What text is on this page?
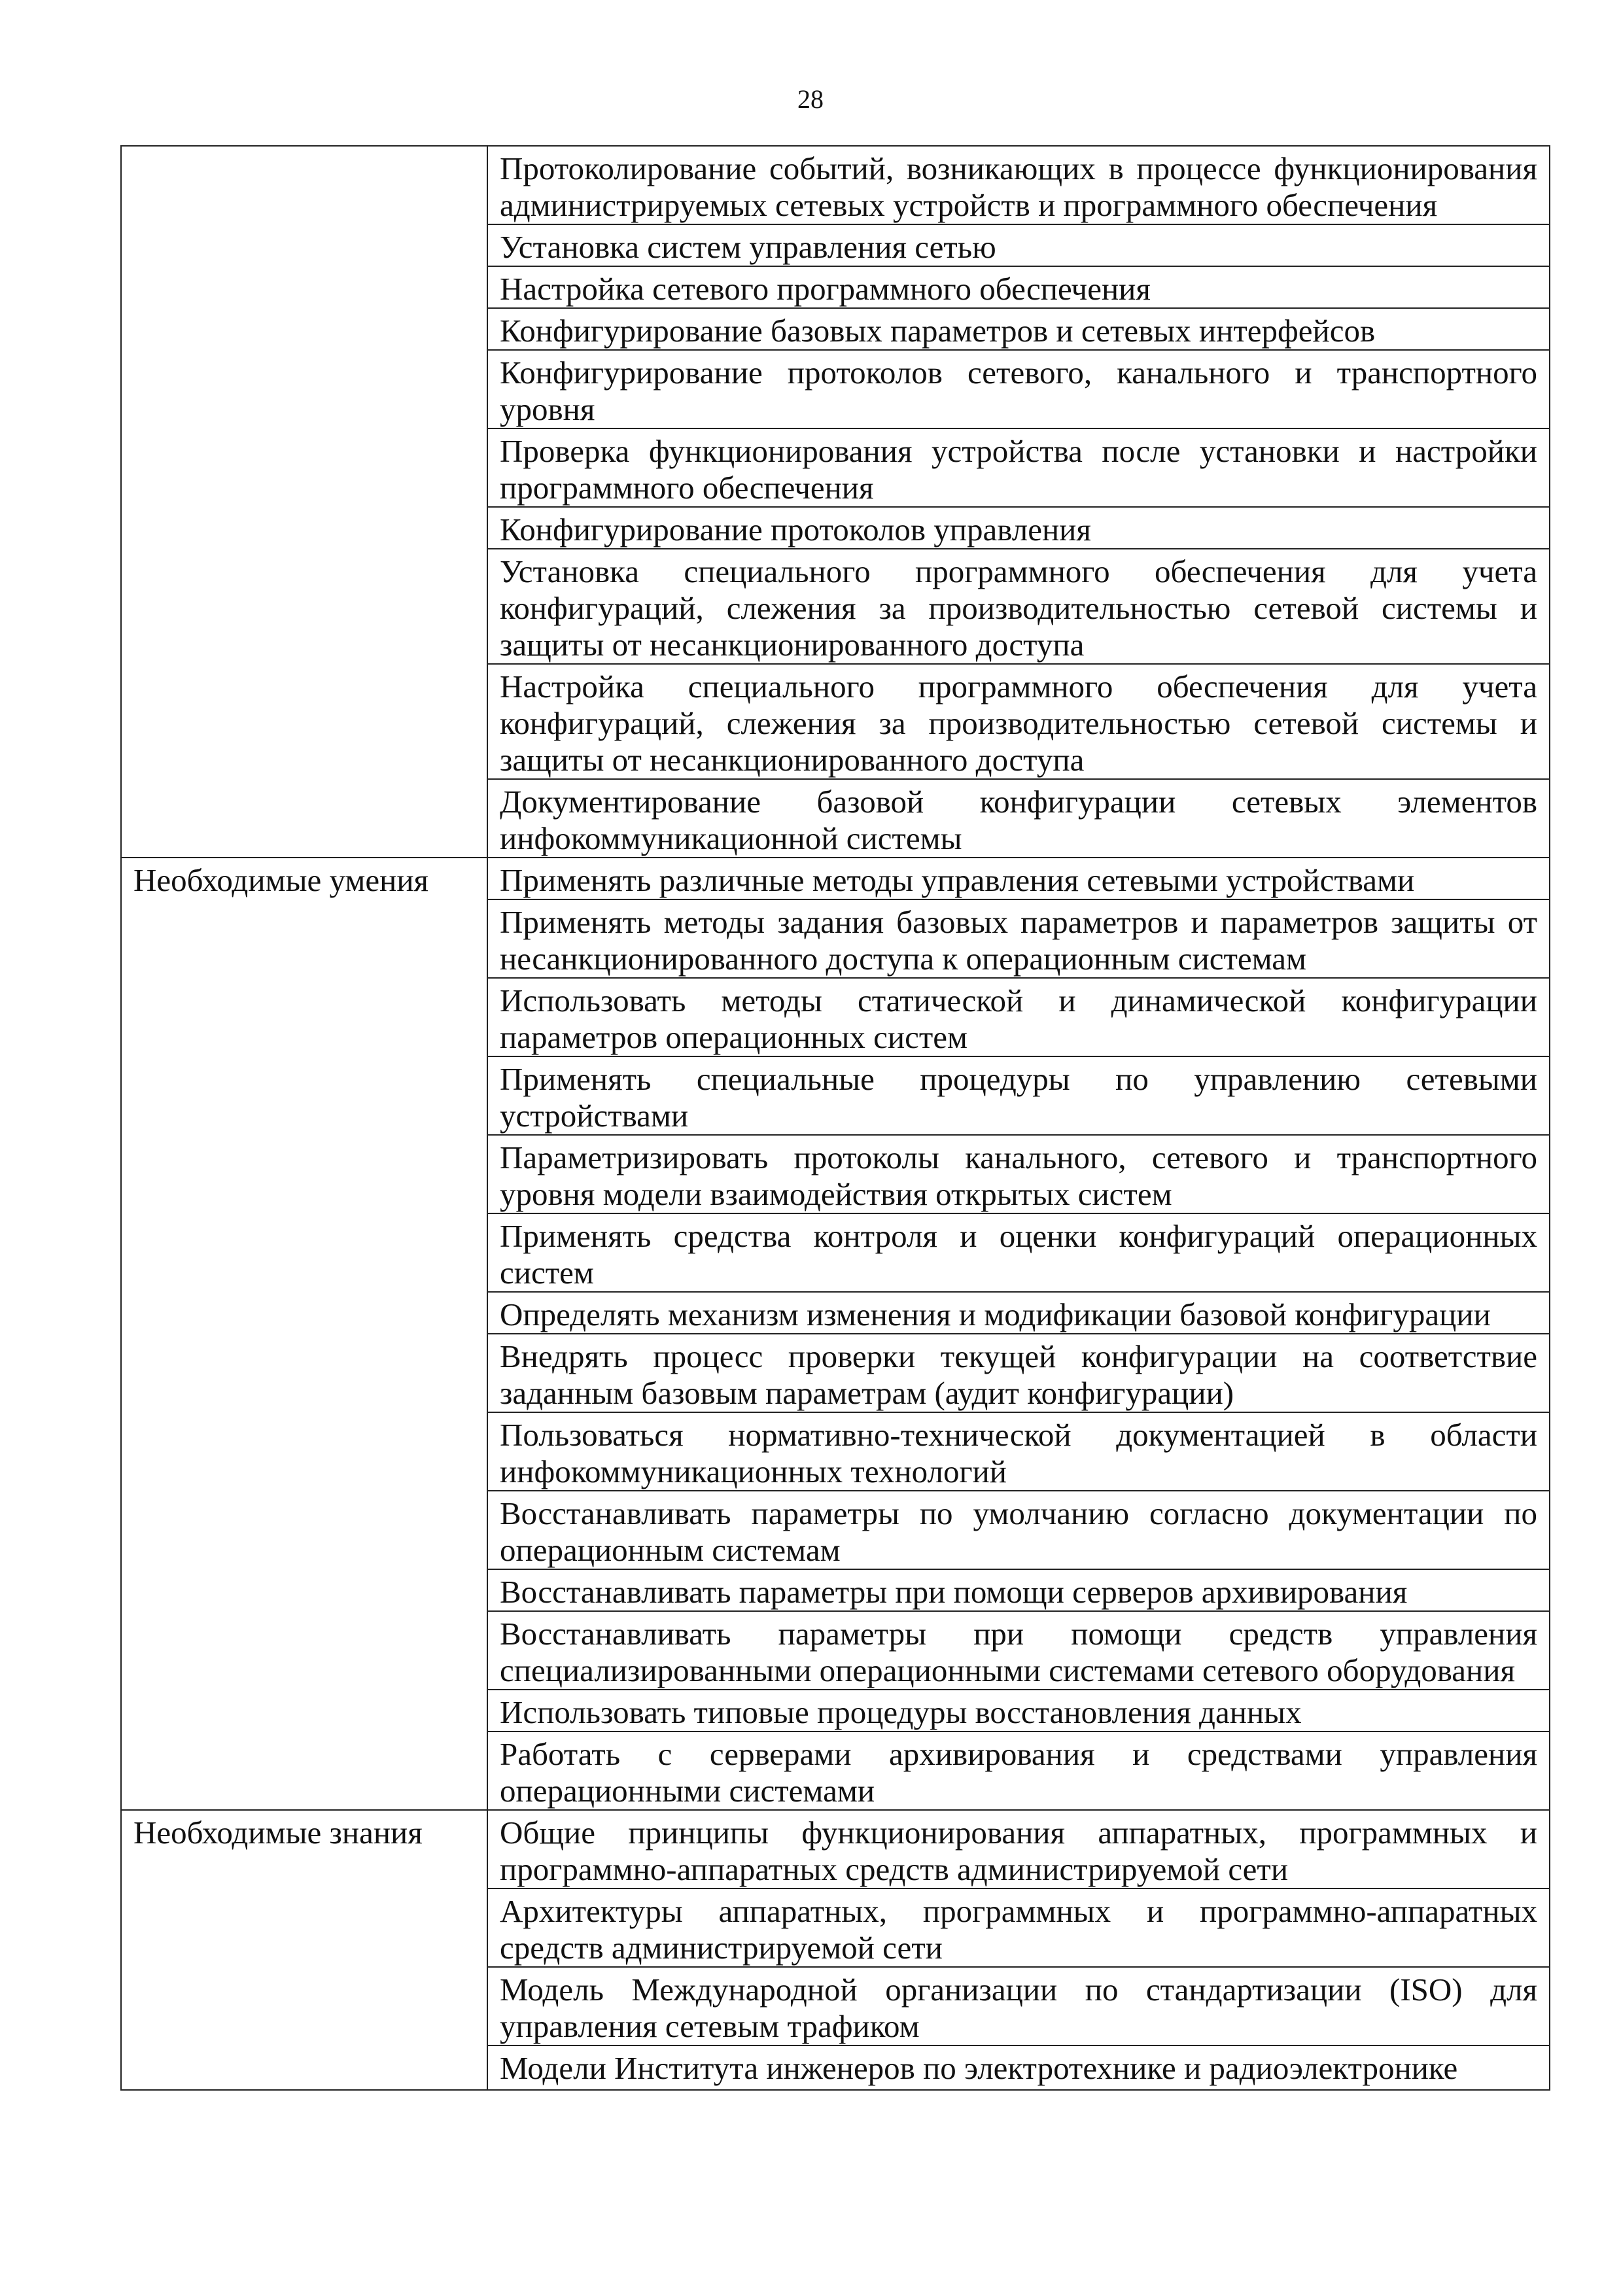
28
	Протоколирование событий, возникающих в процессе функционирования администрируемых сетевых устройств и программного обеспечения
	Установка систем управления сетью
	Настройка сетевого программного обеспечения
	Конфигурирование базовых параметров и сетевых интерфейсов
	Конфигурирование протоколов сетевого, канального и транспортного уровня
	Проверка функционирования устройства после установки и настройки программного обеспечения
	Конфигурирование протоколов управления
	Установка специального программного обеспечения для учета конфигураций, слежения за производительностью сетевой системы и защиты от несанкционированного доступа
	Настройка специального программного обеспечения для учета конфигураций, слежения за производительностью сетевой системы и защиты от несанкционированного доступа
	Документирование базовой конфигурации сетевых элементов инфокоммуникационной системы
Необходимые умения	Применять различные методы управления сетевыми устройствами
	Применять методы задания базовых параметров и параметров защиты от несанкционированного доступа к операционным системам
	Использовать методы статической и динамической конфигурации параметров операционных систем
	Применять специальные процедуры по управлению сетевыми устройствами
	Параметризировать протоколы канального, сетевого и транспортного уровня модели взаимодействия открытых систем
	Применять средства контроля и оценки конфигураций операционных систем
	Определять механизм изменения и модификации базовой конфигурации
	Внедрять процесс проверки текущей конфигурации на соответствие заданным базовым параметрам (аудит конфигурации)
	Пользоваться нормативно-технической документацией в области инфокоммуникационных технологий
	Восстанавливать параметры по умолчанию согласно документации по операционным системам
	Восстанавливать параметры при помощи серверов архивирования
	Восстанавливать параметры при помощи средств управления специализированными операционными системами сетевого оборудования
	Использовать типовые процедуры восстановления данных
	Работать с серверами архивирования и средствами управления операционными системами
Необходимые знания	Общие принципы функционирования аппаратных, программных и программно-аппаратных средств администрируемой сети
	Архитектуры аппаратных, программных и программно-аппаратных средств администрируемой сети
	Модель Международной организации по стандартизации (ISO) для управления сетевым трафиком
	Модели Института инженеров по электротехнике и радиоэлектронике
